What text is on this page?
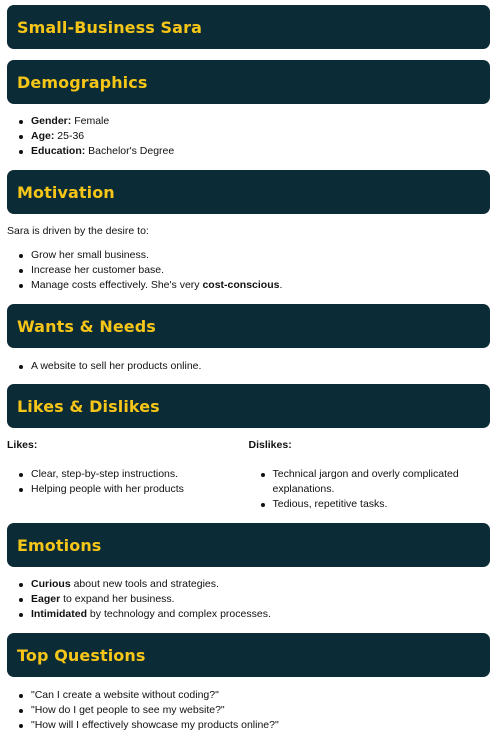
Small-Business Sara
Demographics
Gender: Female
Age: 25-36
Education: Bachelor's Degree
Motivation

Sara is driven by the desire to:

Grow her small business.
Increase her customer base.
Manage costs effectively. She's very cost-conscious.
Wants & Needs
A website to sell her products online.
Likes & Dislikes

Likes:

Clear, step-by-step instructions.
Helping people with her products

Dislikes:

Technical jargon and overly complicated explanations.
Tedious, repetitive tasks.
Emotions
Curious about new tools and strategies.
Eager to expand her business.
Intimidated by technology and complex processes.
Top Questions
"Can I create a website without coding?"
"How do I get people to see my website?"
"How will I effectively showcase my products online?"
